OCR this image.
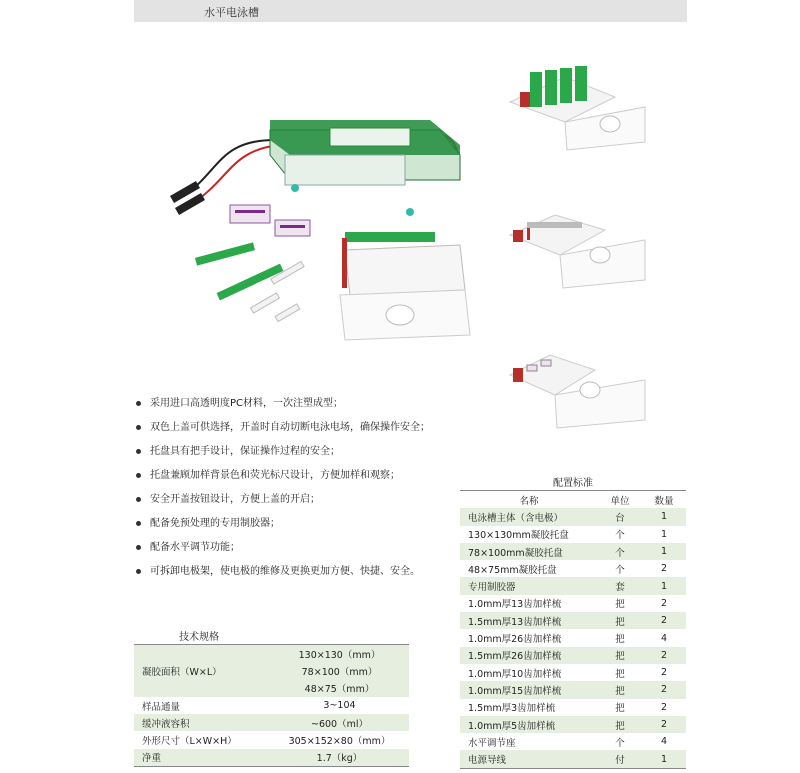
水平电泳槽
采用进口高透明度PC材料，一次注塑成型；
双色上盖可供选择，开盖时自动切断电泳电场，确保操作安全；
托盘具有把手设计，保证操作过程的安全；
托盘兼顾加样背景色和荧光标尺设计，方便加样和观察；
安全开盖按钮设计，方便上盖的开启；
配备免预处理的专用制胶器；
配备水平调节功能；
可拆卸电极架，使电极的维修及更换更加方便、快捷、安全。
技术规格
	130×130（mm）
凝胶面积（W×L）	78×100（mm）
	48×75（mm）
样品通量	3~104
缓冲液容积	~600（ml）
外形尺寸（L×W×H）	305×152×80（mm）
净重	1.7（kg）
配置标准
名称	单位	数量
电泳槽主体（含电极）	台	1
130×130mm凝胶托盘	个	1
78×100mm凝胶托盘	个	1
48×75mm凝胶托盘	个	2
专用制胶器	套	1
1.0mm厚13齿加样梳	把	2
1.5mm厚13齿加样梳	把	2
1.0mm厚26齿加样梳	把	4
1.5mm厚26齿加样梳	把	2
1.0mm厚10齿加样梳	把	2
1.0mm厚15齿加样梳	把	2
1.5mm厚3齿加样梳	把	2
1.0mm厚5齿加样梳	把	2
水平调节座	个	4
电源导线	付	1
